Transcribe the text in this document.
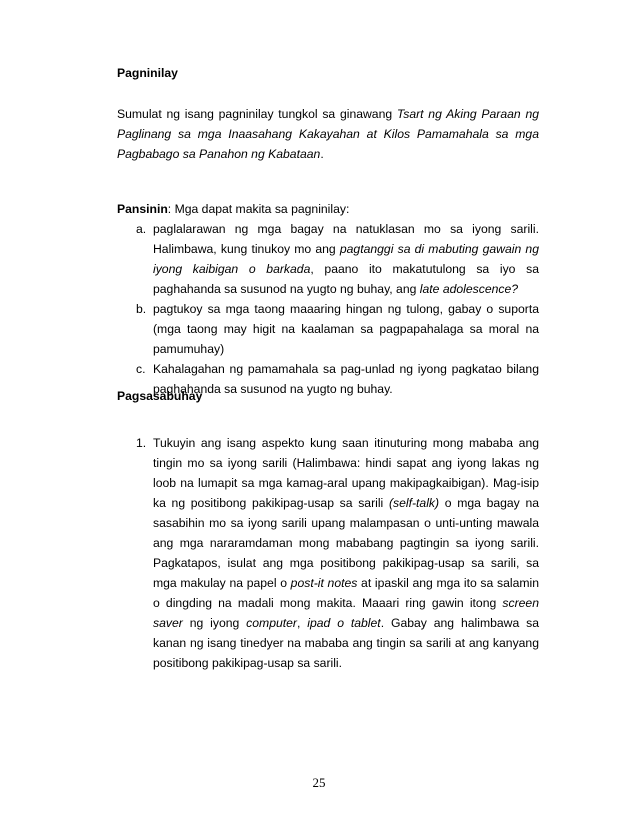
Pagninilay

Sumulat ng isang pagninilay tungkol sa ginawang Tsart ng Aking Paraan ng Paglinang sa mga Inaasahang Kakayahan at Kilos Pamamahala sa mga Pagbabago sa Panahon ng Kabataan.

Pansinin: Mga dapat makita sa pagninilay:

a. paglalarawan ng mga bagay na natuklasan mo sa iyong sarili. Halimbawa, kung tinukoy mo ang pagtanggi sa di mabuting gawain ng iyong kaibigan o barkada, paano ito makatutulong sa iyo sa paghahanda sa susunod na yugto ng buhay, ang late adolescence?
b. pagtukoy sa mga taong maaaring hingan ng tulong, gabay o suporta (mga taong may higit na kaalaman sa pagpapahalaga sa moral na pamumuhay)
c. Kahalagahan ng pamamahala sa pag-unlad ng iyong pagkatao bilang paghahanda sa susunod na yugto ng buhay.

Pagsasabuhay

1. Tukuyin ang isang aspekto kung saan itinuturing mong mababa ang tingin mo sa iyong sarili (Halimbawa: hindi sapat ang iyong lakas ng loob na lumapit sa mga kamag-aral upang makipagkaibigan). Mag-isip ka ng positibong pakikipag-usap sa sarili (self-talk) o mga bagay na sasabihin mo sa iyong sarili upang malampasan o unti-unting mawala ang mga nararamdaman mong mababang pagtingin sa iyong sarili. Pagkatapos, isulat ang mga positibong pakikipag-usap sa sarili, sa mga makulay na papel o post-it notes at ipaskil ang mga ito sa salamin o dingding na madali mong makita. Maaari ring gawin itong screen saver ng iyong computer, ipad o tablet. Gabay ang halimbawa sa kanan ng isang tinedyer na mababa ang tingin sa sarili at ang kanyang positibong pakikipag-usap sa sarili.
25
